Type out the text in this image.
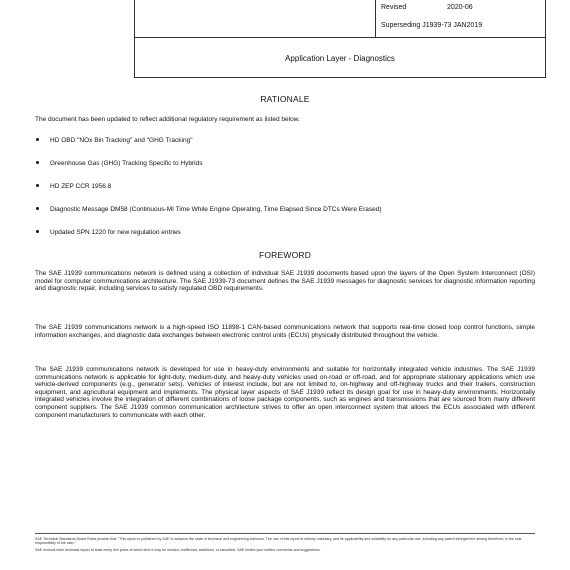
Revised	2020-06
Superseding J1939-73 JAN2019
Application Layer - Diagnostics
RATIONALE

The document has been updated to reflect additional regulatory requirement as listed below.

HD OBD "NOx Bin Tracking" and "GHG Tracking"
Greenhouse Gas (GHG) Tracking Specific to Hybrids
HD ZEP CCR 1956.8
Diagnostic Message DM58 (Continuous-MI Time While Engine Operating, Time Elapsed Since DTCs Were Erased)
Updated SPN 1220 for new regulation entries
FOREWORD

The SAE J1939 communications network is defined using a collection of individual SAE J1939 documents based upon the layers of the Open System Interconnect (OSI) model for computer communications architecture. The SAE J1939-73 document defines the SAE J1939 messages for diagnostic services for diagnostic information reporting and diagnostic repair, including services to satisfy regulated OBD requirements.

The SAE J1939 communications network is a high-speed ISO 11898-1 CAN-based communications network that supports real-time closed loop control functions, simple information exchanges, and diagnostic data exchanges between electronic control units (ECUs) physically distributed throughout the vehicle.

The SAE J1939 communications network is developed for use in heavy-duty environments and suitable for horizontally integrated vehicle industries. The SAE J1939 communications network is applicable for light-duty, medium-duty, and heavy-duty vehicles used on-road or off-road, and for appropriate stationary applications which use vehicle-derived components (e.g., generator sets). Vehicles of interest include, but are not limited to, on-highway and off-highway trucks and their trailers, construction equipment, and agricultural equipment and implements. The physical layer aspects of SAE J1939 reflect its design goal for use in heavy-duty environments. Horizontally integrated vehicles involve the integration of different combinations of loose package components, such as engines and transmissions that are sourced from many different component suppliers. The SAE J1939 common communication architecture strives to offer an open interconnect system that allows the ECUs associated with different component manufacturers to communicate with each other.

SAE Technical Standards Board Rules provide that: "This report is published by SAE to advance the state of technical and engineering sciences. The use of this report is entirely voluntary, and its applicability and suitability for any particular use, including any patent infringement arising therefrom, is the sole responsibility of the user."

SAE reviews each technical report at least every five years at which time it may be revised, reaffirmed, stabilized, or cancelled. SAE invites your written comments and suggestions.
